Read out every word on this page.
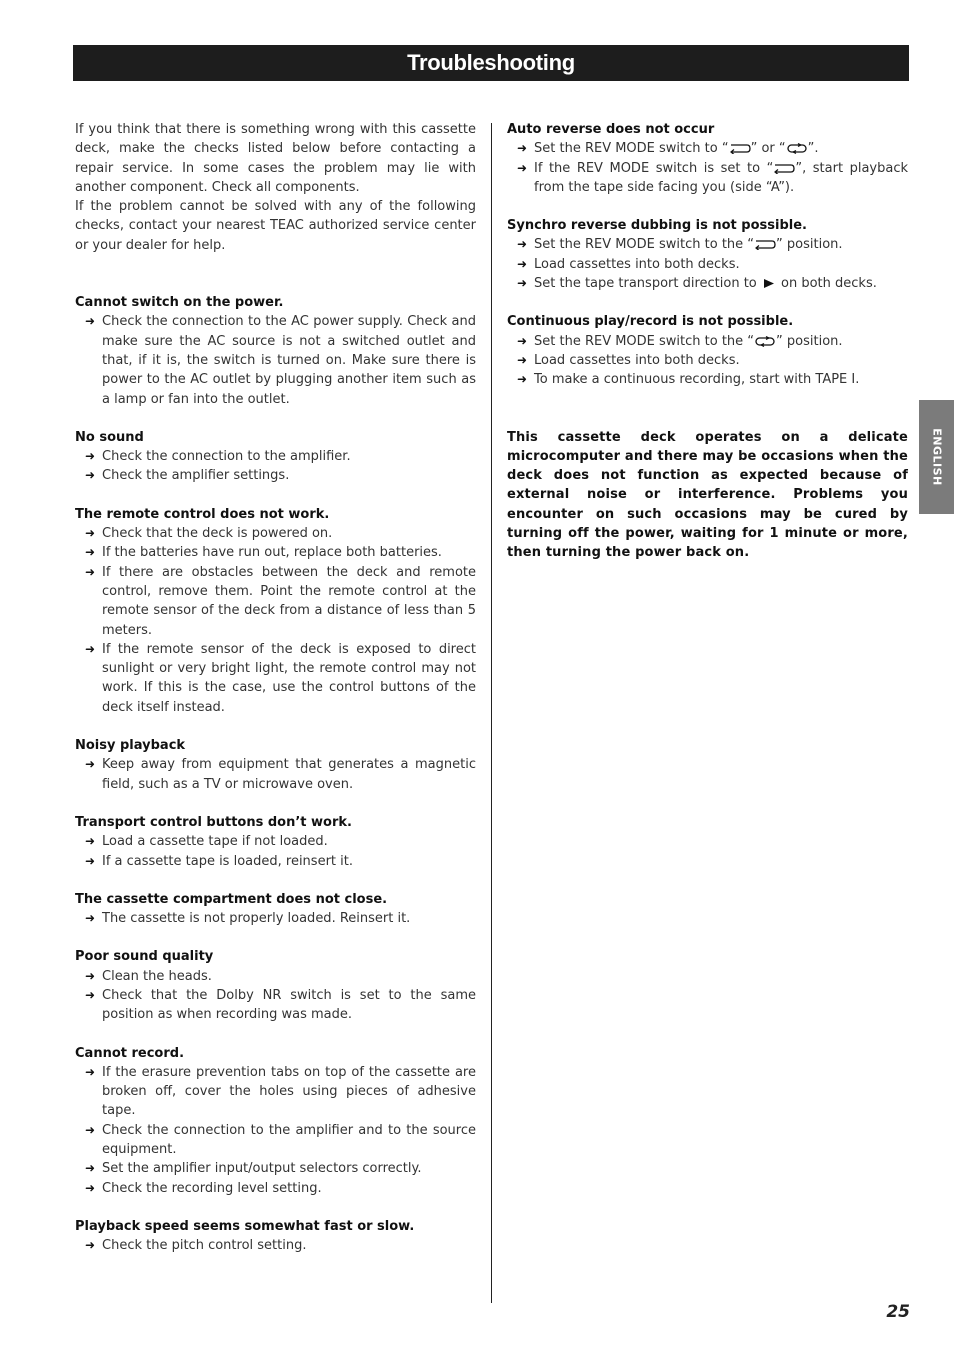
Troubleshooting
ENGLISH

If you think that there is something wrong with this cassette deck, make the checks listed below before contacting a repair service. In some cases the problem may lie with another component. Check all components.

If the problem cannot be solved with any of the following checks, contact your nearest TEAC authorized service center or your dealer for help.

Cannot switch on the power.
➜ Check the connection to the AC power supply. Check and make sure the AC source is not a switched outlet and that, if it is, the switch is turned on. Make sure there is power to the AC outlet by plugging another item such as a lamp or fan into the outlet.
No sound
➜ Check the connection to the amplifier.
➜ Check the amplifier settings.
The remote control does not work.
➜ Check that the deck is powered on.
➜ If the batteries have run out, replace both batteries.
➜ If there are obstacles between the deck and remote control, remove them. Point the remote control at the remote sensor of the deck from a distance of less than 5 meters.
➜ If the remote sensor of the deck is exposed to direct sunlight or very bright light, the remote control may not work. If this is the case, use the control buttons of the deck itself instead.
Noisy playback
➜ Keep away from equipment that generates a magnetic field, such as a TV or microwave oven.
Transport control buttons don’t work.
➜ Load a cassette tape if not loaded.
➜ If a cassette tape is loaded, reinsert it.
The cassette compartment does not close.
➜ The cassette is not properly loaded. Reinsert it.
Poor sound quality
➜ Clean the heads.
➜ Check that the Dolby NR switch is set to the same position as when recording was made.
Cannot record.
➜ If the erasure prevention tabs on top of the cassette are broken off, cover the holes using pieces of adhesive tape.
➜ Check the connection to the amplifier and to the source equipment.
➜ Set the amplifier input/output selectors correctly.
➜ Check the recording level setting.
Playback speed seems somewhat fast or slow.
➜ Check the pitch control setting.
Auto reverse does not occur
➜ Set the REV MODE switch to “ ” or “ ”.
➜ If the REV MODE switch is set to “ ”, start playback from the tape side facing you (side “A”).
Synchro reverse dubbing is not possible.
➜ Set the REV MODE switch to the “ ” position.
➜ Load cassettes into both decks.
➜ Set the tape transport direction to  on both decks.
Continuous play/record is not possible.
➜ Set the REV MODE switch to the “ ” position.
➜ Load cassettes into both decks.
➜ To make a continuous recording, start with TAPE I.
This cassette deck operates on a delicate microcomputer and there may be occasions when the deck does not function as expected because of external noise or interference. Problems you encounter on such occasions may be cured by turning off the power, waiting for 1 minute or more, then turning the power back on.
25
